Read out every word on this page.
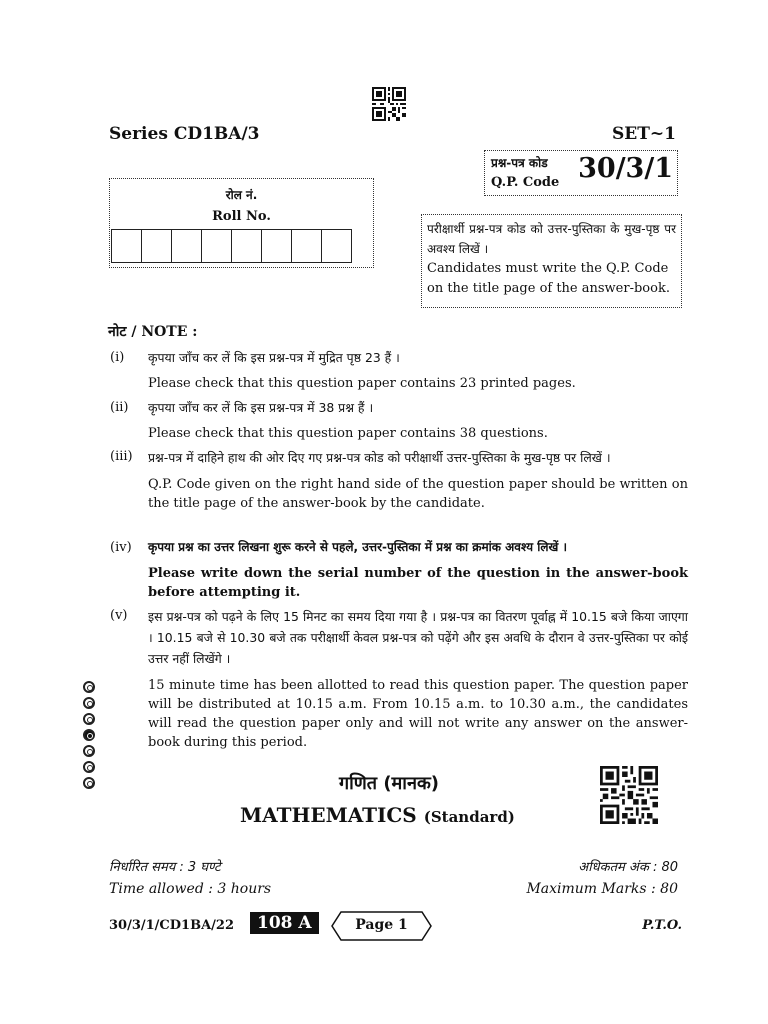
Series CD1BA/3	SET~1
प्रश्न-पत्र कोड
Q.P. Code 30/3/1
रोल नं.
Roll No.
परीक्षार्थी प्रश्न-पत्र कोड को उत्तर-पुस्तिका के मुख-पृष्ठ पर अवश्य लिखें ।
Candidates must write the Q.P. Code on the title page of the answer-book.
नोट / NOTE :
(i) कृपया जाँच कर लें कि इस प्रश्न-पत्र में मुद्रित पृष्ठ 23 हैं ।
Please check that this question paper contains 23 printed pages.
(ii) कृपया जाँच कर लें कि इस प्रश्न-पत्र में 38 प्रश्न हैं ।
Please check that this question paper contains 38 questions.
(iii) प्रश्न-पत्र में दाहिने हाथ की ओर दिए गए प्रश्न-पत्र कोड को परीक्षार्थी उत्तर-पुस्तिका के मुख-पृष्ठ पर लिखें ।
Q.P. Code given on the right hand side of the question paper should be written on the title page of the answer-book by the candidate.
(iv) कृपया प्रश्न का उत्तर लिखना शुरू करने से पहले, उत्तर-पुस्तिका में प्रश्न का क्रमांक अवश्य लिखें ।
Please write down the serial number of the question in the answer-book before attempting it.
(v) इस प्रश्न-पत्र को पढ़ने के लिए 15 मिनट का समय दिया गया है । प्रश्न-पत्र का वितरण पूर्वाह्न में 10.15 बजे किया जाएगा । 10.15 बजे से 10.30 बजे तक परीक्षार्थी केवल प्रश्न-पत्र को पढ़ेंगे और इस अवधि के दौरान वे उत्तर-पुस्तिका पर कोई उत्तर नहीं लिखेंगे ।
15 minute time has been allotted to read this question paper. The question paper will be distributed at 10.15 a.m. From 10.15 a.m. to 10.30 a.m., the candidates will read the question paper only and will not write any answer on the answer-book during this period.
गणित (मानक)
MATHEMATICS (Standard)
निर्धारित समय : 3 घण्टे
Time allowed : 3 hours
अधिकतम अंक : 80
Maximum Marks : 80
30/3/1/CD1BA/22	108 A	Page 1	P.T.O.
